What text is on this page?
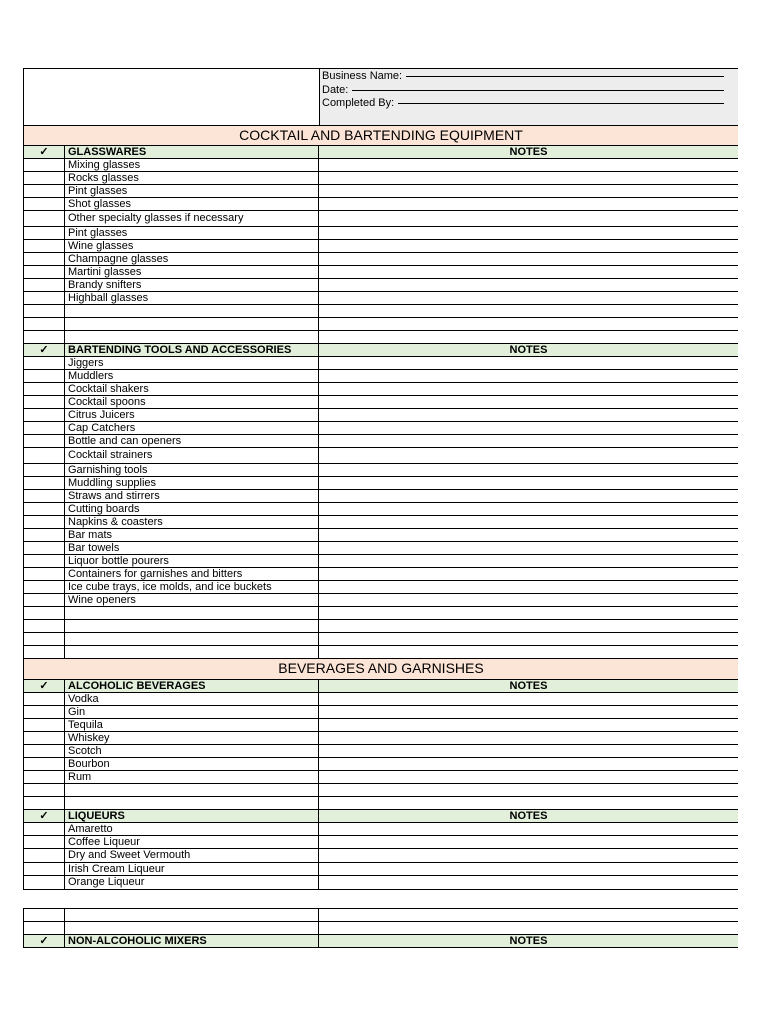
Business Name:
Date:
Completed By:
COCKTAIL AND BARTENDING EQUIPMENT
✓	GLASSWARES	NOTES
Mixing glasses
Rocks glasses
Pint glasses
Shot glasses
Other specialty glasses if necessary
Pint glasses
Wine glasses
Champagne glasses
Martini glasses
Brandy snifters
Highball glasses
✓	BARTENDING TOOLS AND ACCESSORIES	NOTES
Jiggers
Muddlers
Cocktail shakers
Cocktail spoons
Citrus Juicers
Cap Catchers
Bottle and can openers
Cocktail strainers
Garnishing tools
Muddling supplies
Straws and stirrers
Cutting boards
Napkins & coasters
Bar mats
Bar towels
Liquor bottle pourers
Containers for garnishes and bitters
Ice cube trays, ice molds, and ice buckets
Wine openers
BEVERAGES AND GARNISHES
✓	ALCOHOLIC BEVERAGES	NOTES
Vodka
Gin
Tequila
Whiskey
Scotch
Bourbon
Rum
✓	LIQUEURS	NOTES
Amaretto
Coffee Liqueur
Dry and Sweet Vermouth
Irish Cream Liqueur
Orange Liqueur
✓	NON-ALCOHOLIC MIXERS	NOTES
